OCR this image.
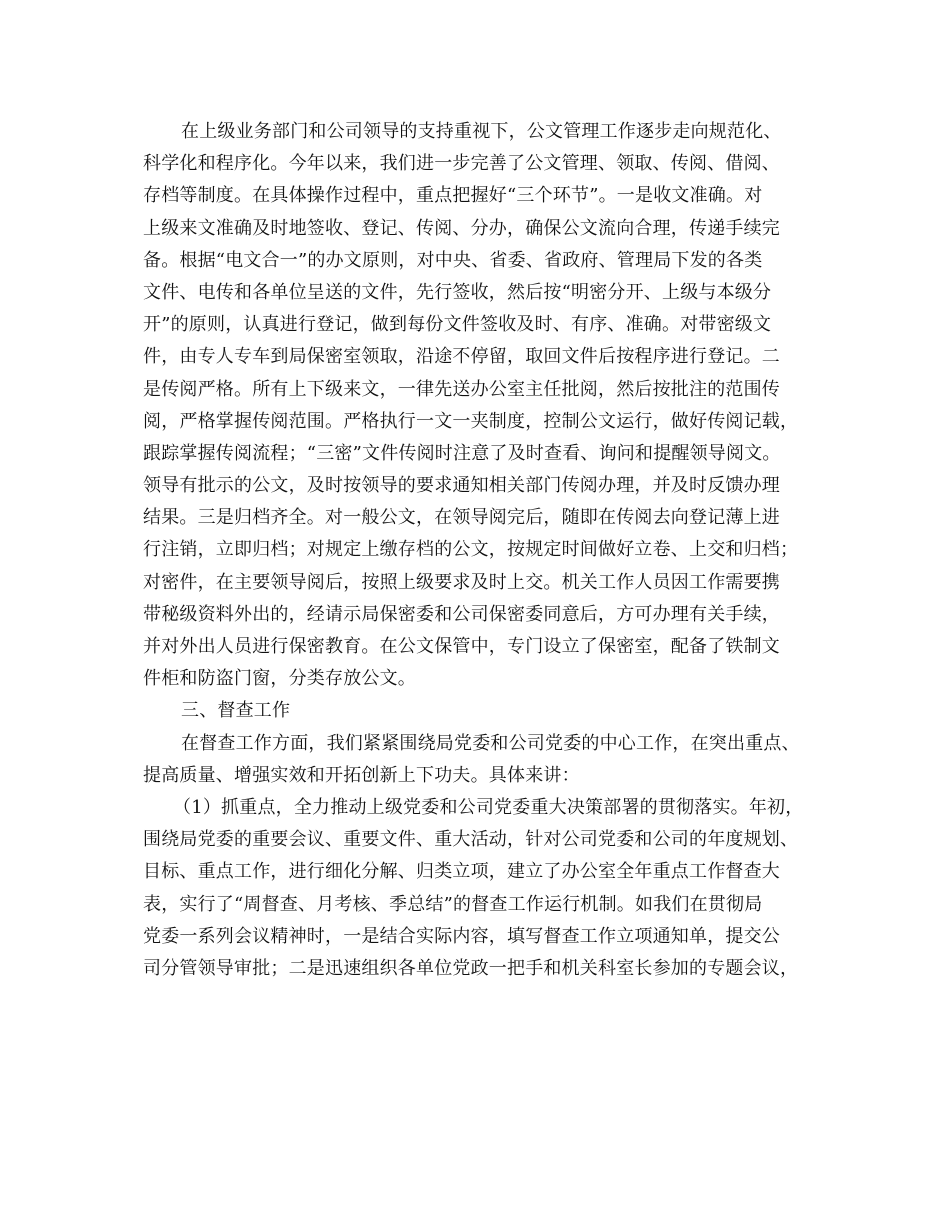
在上级业务部门和公司领导的支持重视下，公文管理工作逐步走向规范化、
科学化和程序化。今年以来，我们进一步完善了公文管理、领取、传阅、借阅、
存档等制度。在具体操作过程中，重点把握好“三个环节”。一是收文准确。对
上级来文准确及时地签收、登记、传阅、分办，确保公文流向合理，传递手续完
备。根据“电文合一”的办文原则，对中央、省委、省政府、管理局下发的各类
文件、电传和各单位呈送的文件，先行签收，然后按“明密分开、上级与本级分
开”的原则，认真进行登记，做到每份文件签收及时、有序、准确。对带密级文
件，由专人专车到局保密室领取，沿途不停留，取回文件后按程序进行登记。二
是传阅严格。所有上下级来文，一律先送办公室主任批阅，然后按批注的范围传
阅，严格掌握传阅范围。严格执行一文一夹制度，控制公文运行，做好传阅记载，
跟踪掌握传阅流程；“三密”文件传阅时注意了及时查看、询问和提醒领导阅文。
领导有批示的公文，及时按领导的要求通知相关部门传阅办理，并及时反馈办理
结果。三是归档齐全。对一般公文，在领导阅完后，随即在传阅去向登记薄上进
行注销，立即归档；对规定上缴存档的公文，按规定时间做好立卷、上交和归档；
对密件，在主要领导阅后，按照上级要求及时上交。机关工作人员因工作需要携
带秘级资料外出的，经请示局保密委和公司保密委同意后，方可办理有关手续，
并对外出人员进行保密教育。在公文保管中，专门设立了保密室，配备了铁制文
件柜和防盗门窗，分类存放公文。
三、督查工作
在督查工作方面，我们紧紧围绕局党委和公司党委的中心工作，在突出重点、
提高质量、增强实效和开拓创新上下功夫。具体来讲：
（1）抓重点，全力推动上级党委和公司党委重大决策部署的贯彻落实。年初，
围绕局党委的重要会议、重要文件、重大活动，针对公司党委和公司的年度规划、
目标、重点工作，进行细化分解、归类立项，建立了办公室全年重点工作督查大
表，实行了“周督查、月考核、季总结”的督查工作运行机制。如我们在贯彻局
党委一系列会议精神时，一是结合实际内容，填写督查工作立项通知单，提交公
司分管领导审批；二是迅速组织各单位党政一把手和机关科室长参加的专题会议，
